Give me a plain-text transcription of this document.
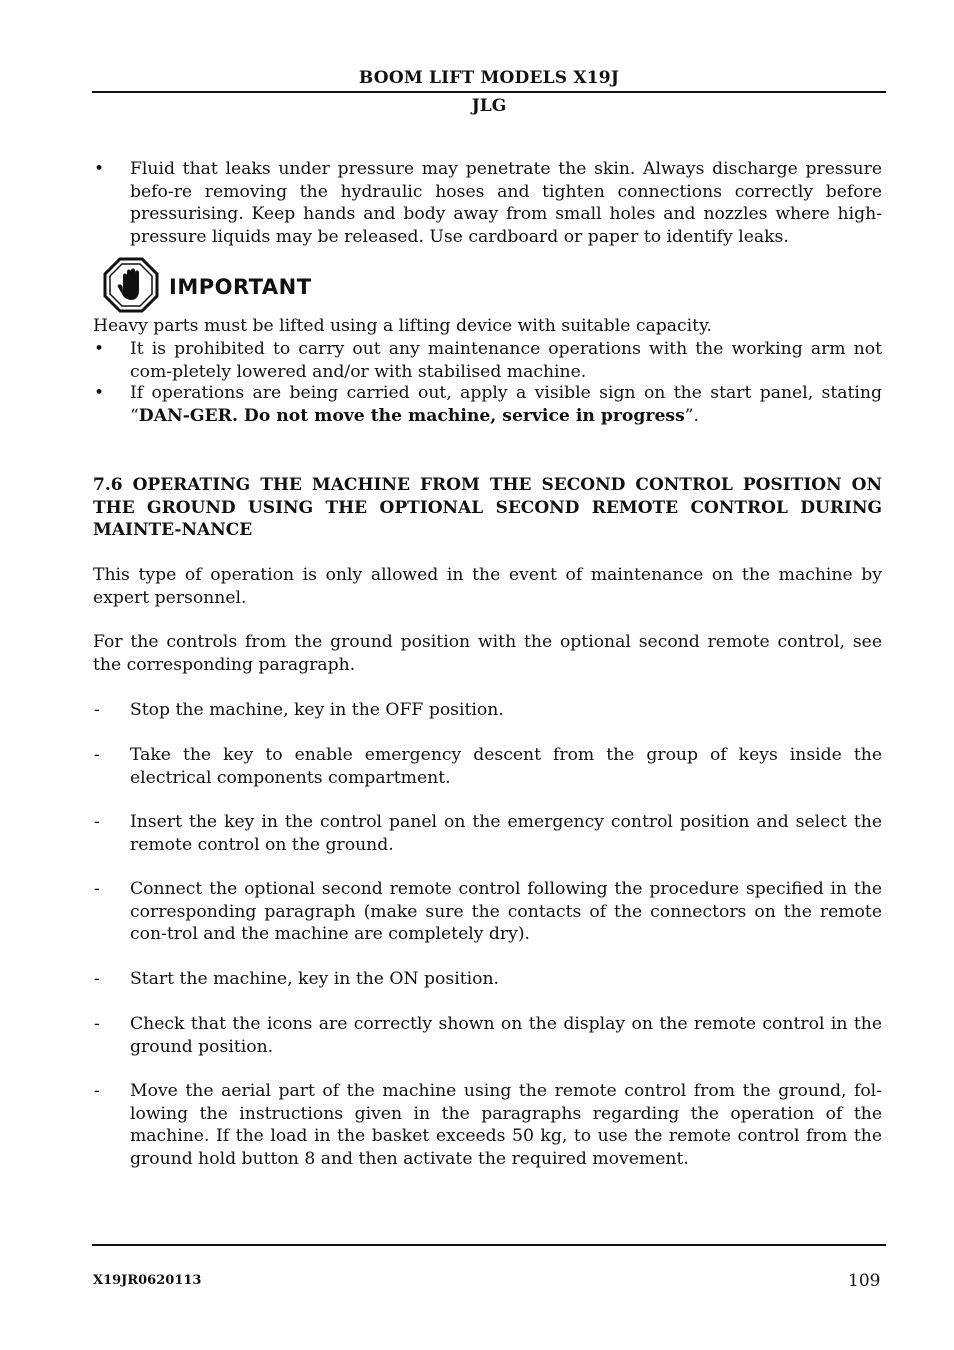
BOOM LIFT MODELS X19J
JLG
• Fluid that leaks under pressure may penetrate the skin. Always discharge pressure befo-re removing the hydraulic hoses and tighten connections correctly before pressurising. Keep hands and body away from small holes and nozzles where high-pressure liquids may be released. Use cardboard or paper to identify leaks.
IMPORTANT
Heavy parts must be lifted using a lifting device with suitable capacity.
• It is prohibited to carry out any maintenance operations with the working arm not com-pletely lowered and/or with stabilised machine.
• If operations are being carried out, apply a visible sign on the start panel, stating “DAN-GER. Do not move the machine, service in progress”.
7.6 OPERATING THE MACHINE FROM THE SECOND CONTROL POSITION ON THE GROUND USING THE OPTIONAL SECOND REMOTE CONTROL DURING MAINTE-NANCE
This type of operation is only allowed in the event of maintenance on the machine by expert personnel.
For the controls from the ground position with the optional second remote control, see the corresponding paragraph.
- Stop the machine, key in the OFF position.
- Take the key to enable emergency descent from the group of keys inside the electrical components compartment.
- Insert the key in the control panel on the emergency control position and select the remote control on the ground.
- Connect the optional second remote control following the procedure specified in the corresponding paragraph (make sure the contacts of the connectors on the remote con-trol and the machine are completely dry).
- Start the machine, key in the ON position.
- Check that the icons are correctly shown on the display on the remote control in the ground position.
- Move the aerial part of the machine using the remote control from the ground, fol-lowing the instructions given in the paragraphs regarding the operation of the machine. If the load in the basket exceeds 50 kg, to use the remote control from the ground hold button 8 and then activate the required movement.
X19JR0620113	109
